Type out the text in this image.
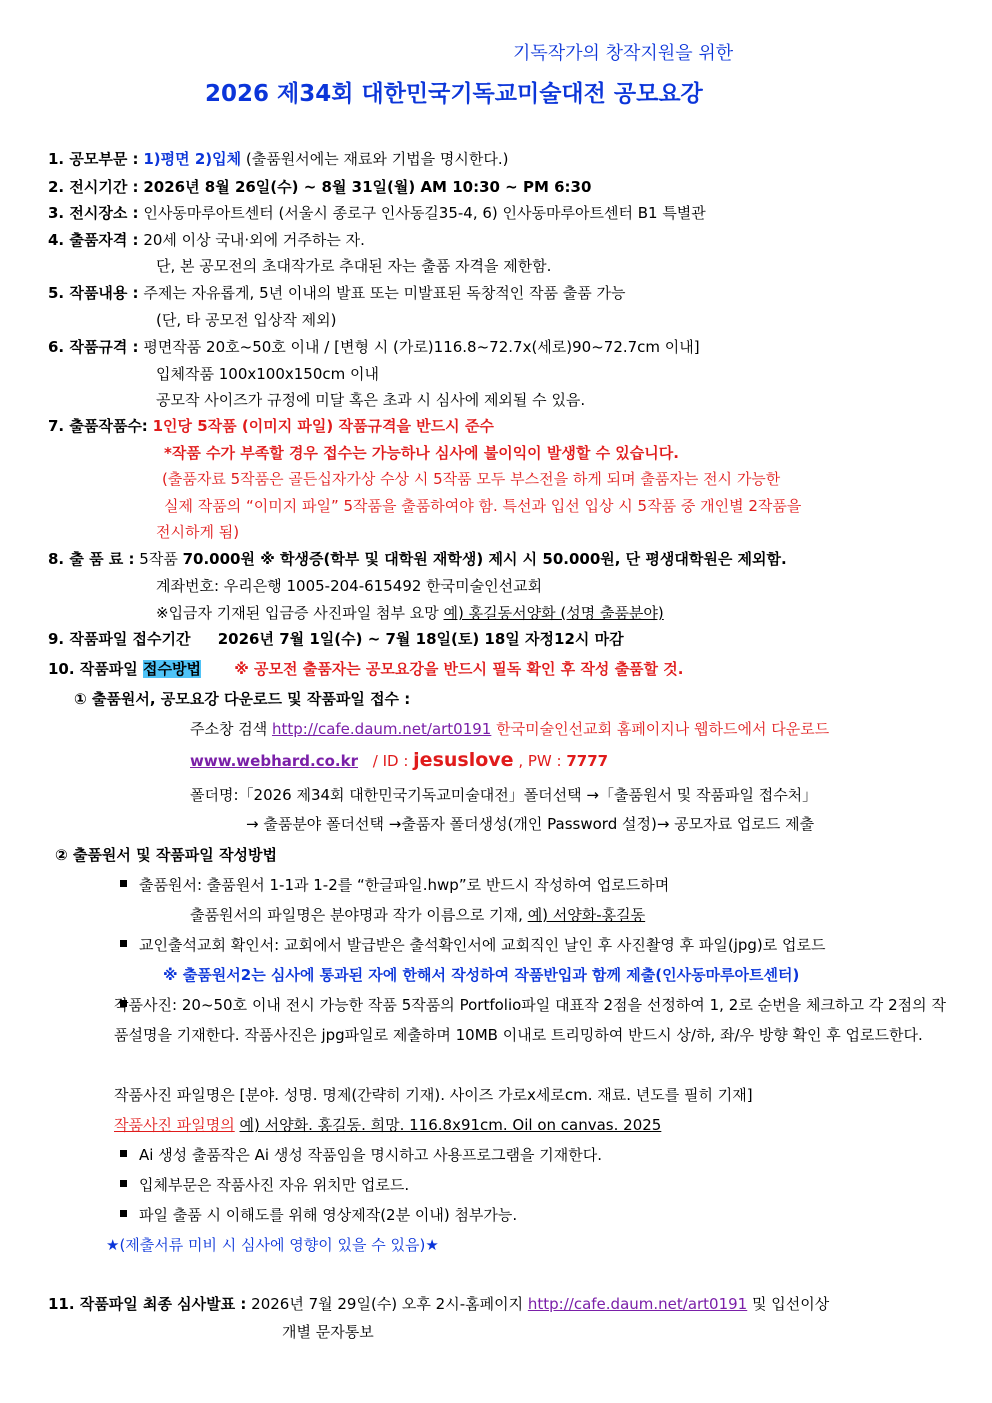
기독작가의 창작지원을 위한
2026 제34회 대한민국기독교미술대전 공모요강
1. 공모부문 : 1)평면 2)입체 (출품원서에는 재료와 기법을 명시한다.)
2. 전시기간 : 2026년 8월 26일(수) ~ 8월 31일(월) AM 10:30 ~ PM 6:30
3. 전시장소 : 인사동마루아트센터 (서울시 종로구 인사동길35-4, 6) 인사동마루아트센터 B1 특별관
4. 출품자격 : 20세 이상 국내·외에 거주하는 자.
단, 본 공모전의 초대작가로 추대된 자는 출품 자격을 제한함.
5. 작품내용 : 주제는 자유롭게, 5년 이내의 발표 또는 미발표된 독창적인 작품 출품 가능
(단, 타 공모전 입상작 제외)
6. 작품규격 : 평면작품 20호~50호 이내 / [변형 시 (가로)116.8~72.7x(세로)90~72.7cm 이내]
입체작품 100x100x150cm 이내
공모작 사이즈가 규정에 미달 혹은 초과 시 심사에 제외될 수 있음.
7. 출품작품수: 1인당 5작품 (이미지 파일) 작품규격을 반드시 준수
*작품 수가 부족할 경우 접수는 가능하나 심사에 불이익이 발생할 수 있습니다.
(출품자료 5작품은 골든십자가상 수상 시 5작품 모두 부스전을 하게 되며 출품자는 전시 가능한
실제 작품의 “이미지 파일” 5작품을 출품하여야 함. 특선과 입선 입상 시 5작품 중 개인별 2작품을
전시하게 됨)
8. 출 품 료 : 5작품 70.000원 ※ 학생증(학부 및 대학원 재학생) 제시 시 50.000원, 단 평생대학원은 제외함.
계좌번호: 우리은행 1005-204-615492 한국미술인선교회
※입금자 기재된 입금증 사진파일 첨부 요망 예) 홍길동서양화 (성명 출품분야)
9. 작품파일 접수기간 2026년 7월 1일(수) ~ 7월 18일(토) 18일 자정12시 마감
10. 작품파일 접수방법 ※ 공모전 출품자는 공모요강을 반드시 필독 확인 후 작성 출품할 것.
① 출품원서, 공모요강 다운로드 및 작품파일 접수 :
주소창 검색 http://cafe.daum.net/art0191 한국미술인선교회 홈페이지나 웹하드에서 다운로드
www.webhard.co.kr / ID : jesuslove , PW : 7777
폴더명:「2026 제34회 대한민국기독교미술대전」폴더선택 →「출품원서 및 작품파일 접수처」
→ 출품분야 폴더선택 →출품자 폴더생성(개인 Password 설정)→ 공모자료 업로드 제출
② 출품원서 및 작품파일 작성방법
출품원서: 출품원서 1-1과 1-2를 “한글파일.hwp”로 반드시 작성하여 업로드하며
출품원서의 파일명은 분야명과 작가 이름으로 기재, 예) 서양화-홍길동
교인출석교회 확인서: 교회에서 발급받은 출석확인서에 교회직인 날인 후 사진촬영 후 파일(jpg)로 업로드
※ 출품원서2는 심사에 통과된 자에 한해서 작성하여 작품반입과 함께 제출(인사동마루아트센터)
작품사진: 20~50호 이내 전시 가능한 작품 5작품의 Portfolio파일 대표작 2점을 선정하여 1, 2로 순번을 체크하고 각 2점의 작품설명을 기재한다. 작품사진은 jpg파일로 제출하며 10MB 이내로 트리밍하여 반드시 상/하, 좌/우 방향 확인 후 업로드한다.
작품사진 파일명은 [분야. 성명. 명제(간략히 기재). 사이즈 가로x세로cm. 재료. 년도를 필히 기재]
작품사진 파일명의 예) 서양화. 홍길동. 희망. 116.8x91cm. Oil on canvas. 2025
Ai 생성 출품작은 Ai 생성 작품임을 명시하고 사용프로그램을 기재한다.
입체부문은 작품사진 자유 위치만 업로드.
파일 출품 시 이해도를 위해 영상제작(2분 이내) 첨부가능.
★(제출서류 미비 시 심사에 영향이 있을 수 있음)★
11. 작품파일 최종 심사발표 : 2026년 7월 29일(수) 오후 2시-홈페이지 http://cafe.daum.net/art0191 및 입선이상
개별 문자통보
